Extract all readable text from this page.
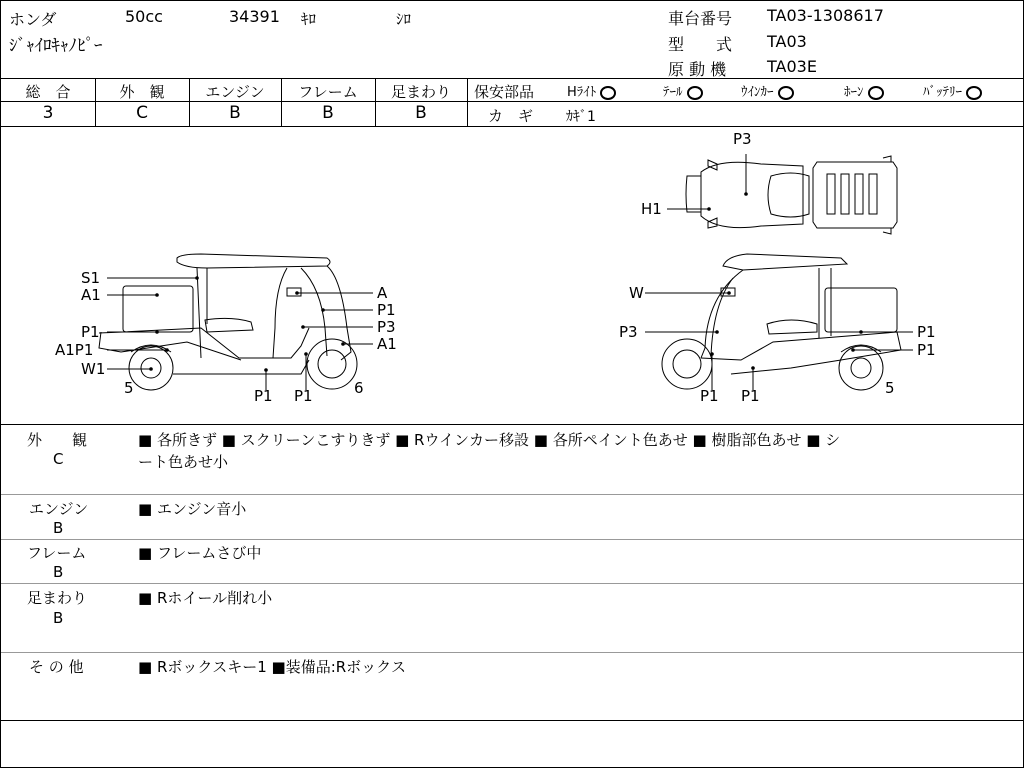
ホンダ	50cc	34391 ｷﾛ	ｼﾛ
ｼﾞｬｲﾛｷｬﾉﾋﾟｰ
車台番号 TA03-1308617
型　　式 TA03
原 動 機	TA03E
総　合	外　観	エンジン	フレーム	足まわり
3	C	B	B	B
保安部品	Hﾗｲﾄ	ﾃｰﾙ	ｳｲﾝｶｰ	ﾎｰﾝ	ﾊﾞｯﾃﾘｰ
カ　ギ ｶｷﾞ1
P3
H1
S1
A1	A
P1
P1	P3
A1P1	A1
W1
5	P1 P1	6
W
P3	P1
P1
P1 P1	5
外　　観
C
■ 各所きず ■ スクリーンこすりきず ■ Rウインカー移設 ■ 各所ペイント色あせ ■ 樹脂部色あせ ■ シ
ート色あせ小
エンジン
B
■ エンジン音小
フレーム
B
■ フレームさび中
足まわり
B
■ Rホイール削れ小
そ の 他	■ Rボックスキー1 ■装備品:Rボックス
